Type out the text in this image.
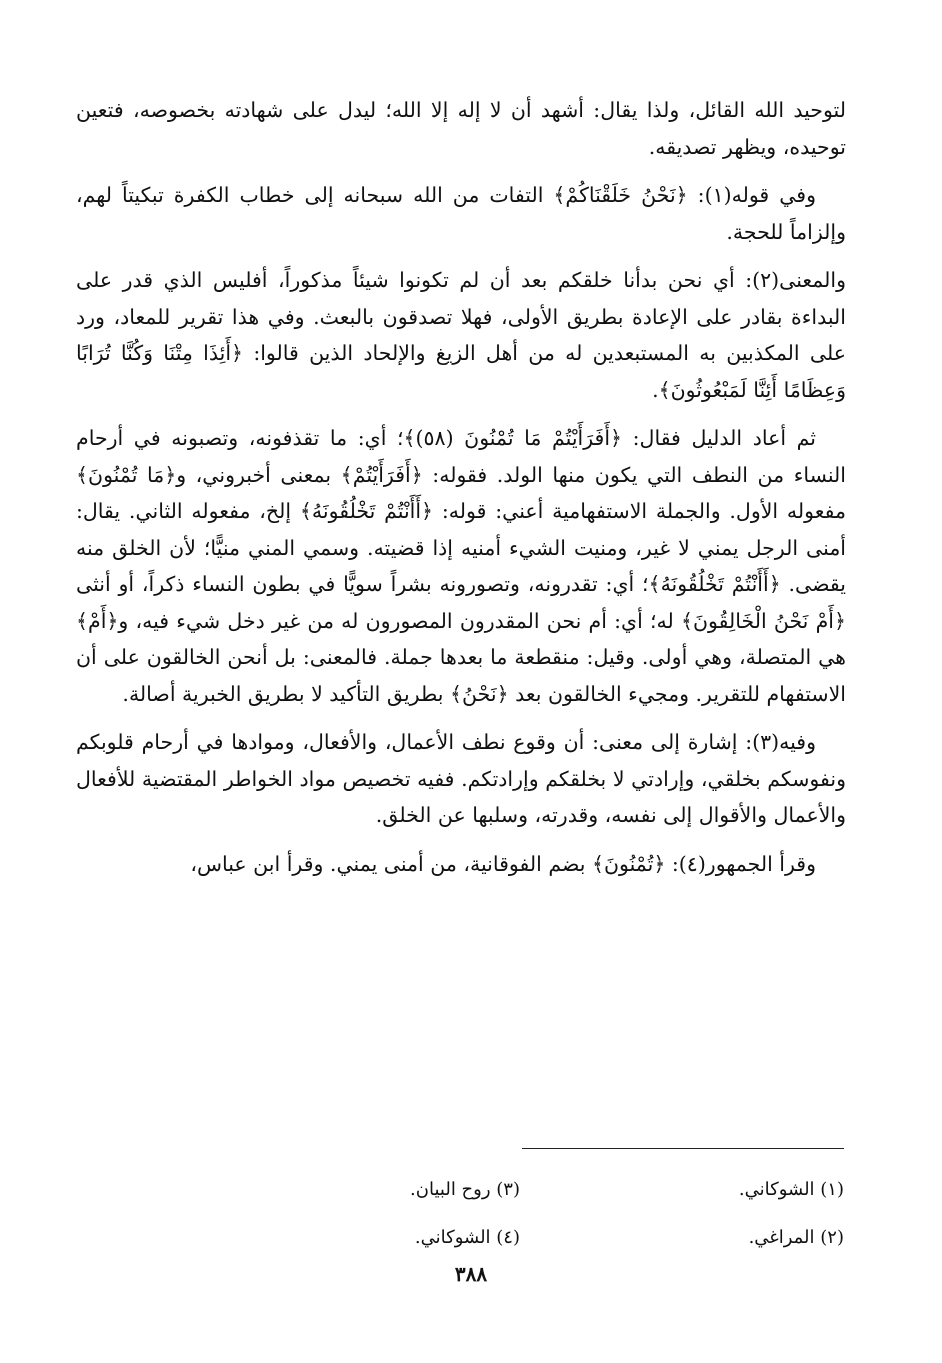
لتوحيد الله القائل، ولذا يقال: أشهد أن لا إله إلا الله؛ ليدل على شهادته بخصوصه، فتعين توحيده، ويظهر تصديقه.

وفي قوله(١): ﴿نَحْنُ خَلَقْنَاكُمْ﴾ التفات من الله سبحانه إلى خطاب الكفرة تبكيتاً لهم، وإلزاماً للحجة.

والمعنى(٢): أي نحن بدأنا خلقكم بعد أن لم تكونوا شيئاً مذكوراً، أفليس الذي قدر على البداءة بقادر على الإعادة بطريق الأولى، فهلا تصدقون بالبعث. وفي هذا تقرير للمعاد، ورد على المكذبين به المستبعدين له من أهل الزيغ والإلحاد الذين قالوا: ﴿أَئِذَا مِتْنَا وَكُنَّا تُرَابًا وَعِظَامًا أَئِنَّا لَمَبْعُوثُونَ﴾.

ثم أعاد الدليل فقال: ﴿أَفَرَأَيْتُمْ مَا تُمْنُونَ (٥٨)﴾؛ أي: ما تقذفونه، وتصبونه في أرحام النساء من النطف التي يكون منها الولد. فقوله: ﴿أَفَرَأَيْتُمْ﴾ بمعنى أخبروني، و﴿مَا تُمْنُونَ﴾ مفعوله الأول. والجملة الاستفهامية أعني: قوله: ﴿أَأَنْتُمْ تَخْلُقُونَهُ﴾ إلخ، مفعوله الثاني. يقال: أمنى الرجل يمني لا غير، ومنيت الشيء أمنيه إذا قضيته. وسمي المني منيًّا؛ لأن الخلق منه يقضى. ﴿أَأَنْتُمْ تَخْلُقُونَهُ﴾؛ أي: تقدرونه، وتصورونه بشراً سويًّا في بطون النساء ذكراً، أو أنثى ﴿أَمْ نَحْنُ الْخَالِقُونَ﴾ له؛ أي: أم نحن المقدرون المصورون له من غير دخل شيء فيه، و﴿أَمْ﴾ هي المتصلة، وهي أولى. وقيل: منقطعة ما بعدها جملة. فالمعنى: بل أنحن الخالقون على أن الاستفهام للتقرير. ومجيء الخالقون بعد ﴿نَحْنُ﴾ بطريق التأكيد لا بطريق الخبرية أصالة.

وفيه(٣): إشارة إلى معنى: أن وقوع نطف الأعمال، والأفعال، وموادها في أرحام قلوبكم ونفوسكم بخلقي، وإرادتي لا بخلقكم وإرادتكم. ففيه تخصيص مواد الخواطر المقتضية للأفعال والأعمال والأقوال إلى نفسه، وقدرته، وسلبها عن الخلق.

وقرأ الجمهور(٤): ﴿تُمْنُونَ﴾ بضم الفوقانية، من أمنى يمني. وقرأ ابن عباس،

(١) الشوكاني.
(٣) روح البيان.
(٢) المراغي.
(٤) الشوكاني.
٣٨٨
